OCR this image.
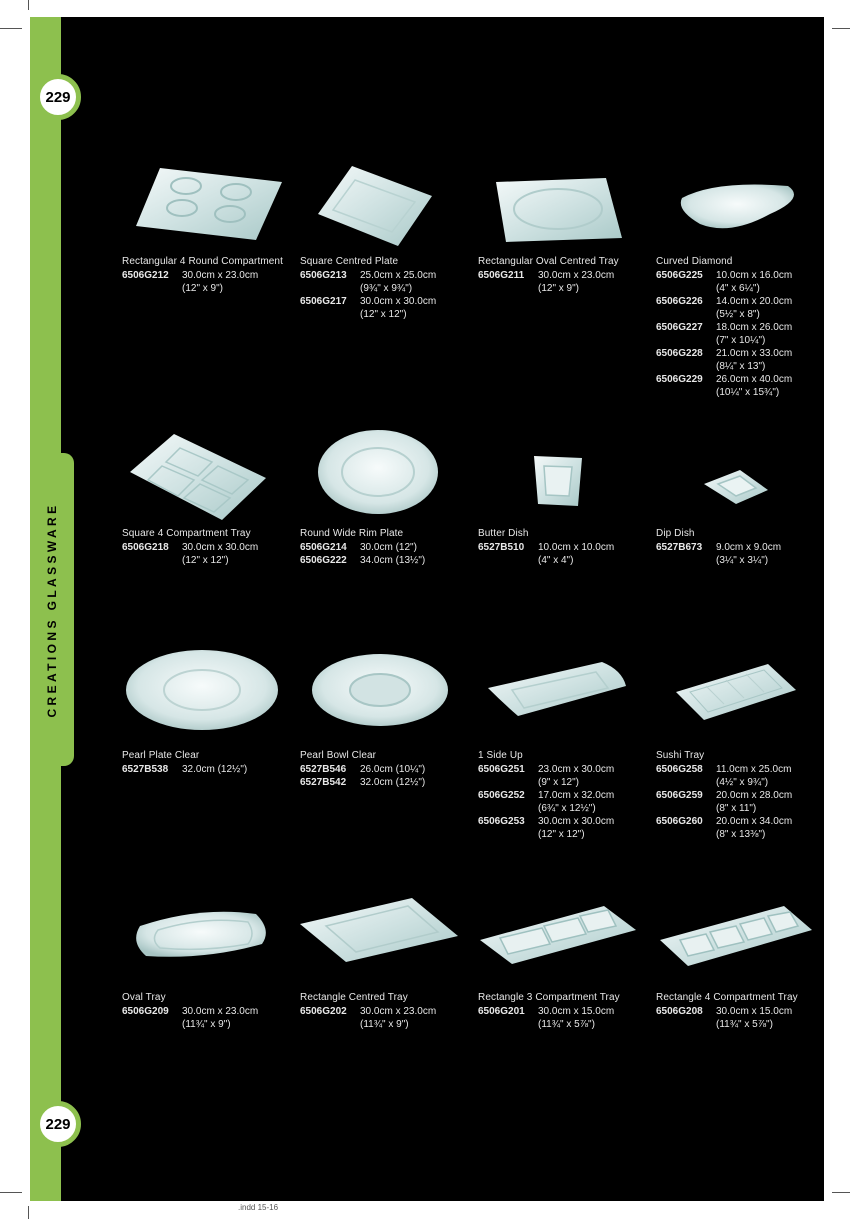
CREATIONS GLASSWARE
229
229
.indd 15-16
Rectangular 4 Round Compartment
6506G212	30.0cm x 23.0cm
(12" x 9")
Square Centred Plate
6506G213	25.0cm x 25.0cm
(9¾" x 9¾")
6506G217	30.0cm x 30.0cm
(12" x 12")
Rectangular Oval Centred Tray
6506G211	30.0cm x 23.0cm
(12" x 9")
Curved Diamond
6506G225	10.0cm x 16.0cm
(4" x 6¼")
6506G226	14.0cm x 20.0cm
(5½" x 8")
6506G227	18.0cm x 26.0cm
(7" x 10¼")
6506G228	21.0cm x 33.0cm
(8¼" x 13")
6506G229	26.0cm x 40.0cm
(10¼" x 15¾")
Square 4 Compartment Tray
6506G218	30.0cm x 30.0cm
(12" x 12")
Round Wide Rim Plate
6506G214	30.0cm (12")
6506G222	34.0cm (13½")
Butter Dish
6527B510	10.0cm x 10.0cm
(4" x 4")
Dip Dish
6527B673	9.0cm x 9.0cm
(3¼" x 3¼")
Pearl Plate Clear
6527B538	32.0cm (12½")
Pearl Bowl Clear
6527B546	26.0cm (10¼")
6527B542	32.0cm (12½")
1 Side Up
6506G251	23.0cm x 30.0cm
(9" x 12")
6506G252	17.0cm x 32.0cm
(6¾" x 12½")
6506G253	30.0cm x 30.0cm
(12" x 12")
Sushi Tray
6506G258	11.0cm x 25.0cm
(4½" x 9¾")
6506G259	20.0cm x 28.0cm
(8" x 11")
6506G260	20.0cm x 34.0cm
(8" x 13⅜")
Oval Tray
6506G209	30.0cm x 23.0cm
(11¾" x 9")
Rectangle Centred Tray
6506G202	30.0cm x 23.0cm
(11¾" x 9")
Rectangle 3 Compartment Tray
6506G201	30.0cm x 15.0cm
(11¾" x 5⅞")
Rectangle 4 Compartment Tray
6506G208	30.0cm x 15.0cm
(11¾" x 5⅞")
